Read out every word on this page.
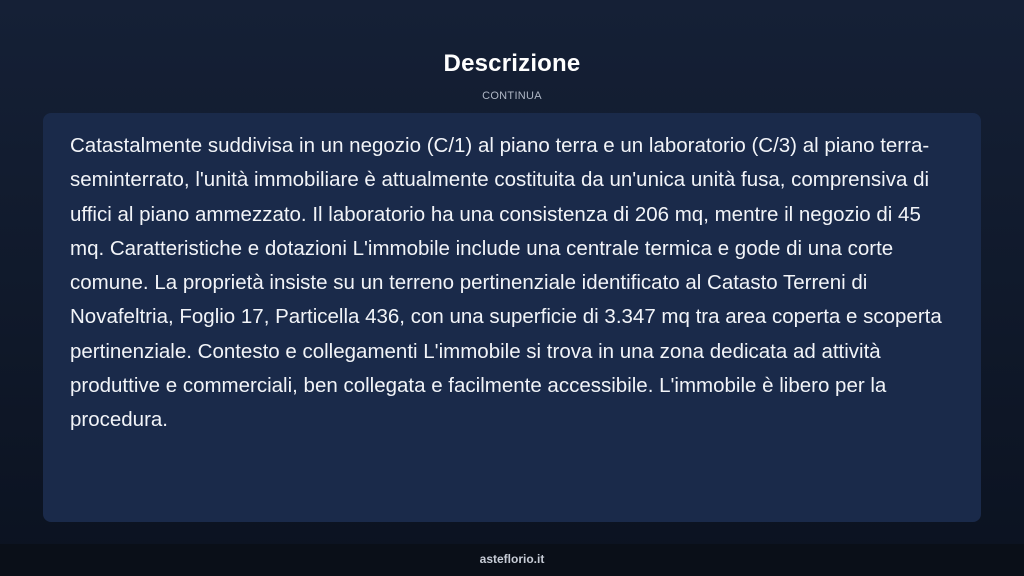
Descrizione
CONTINUA

Catastalmente suddivisa in un negozio (C/1) al piano terra e un laboratorio (C/3) al piano terra-seminterrato, l'unità immobiliare è attualmente costituita da un'unica unità fusa, comprensiva di uffici al piano ammezzato. Il laboratorio ha una consistenza di 206 mq, mentre il negozio di 45 mq. Caratteristiche e dotazioni L'immobile include una centrale termica e gode di una corte comune. La proprietà insiste su un terreno pertinenziale identificato al Catasto Terreni di Novafeltria, Foglio 17, Particella 436, con una superficie di 3.347 mq tra area coperta e scoperta pertinenziale. Contesto e collegamenti L'immobile si trova in una zona dedicata ad attività produttive e commerciali, ben collegata e facilmente accessibile. L'immobile è libero per la procedura.

asteflorio.it
